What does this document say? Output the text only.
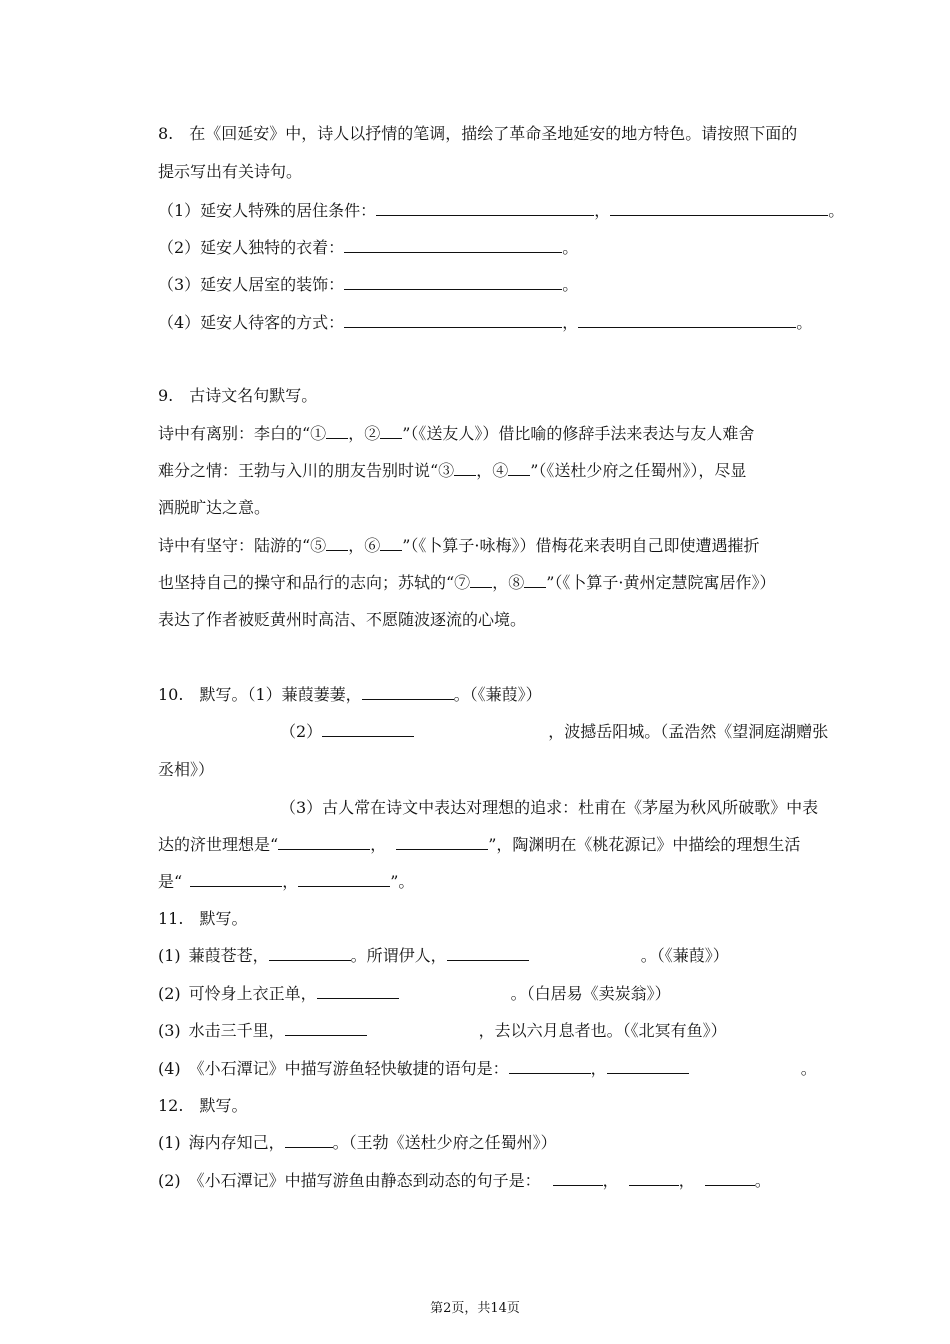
8.　在《回延安》中，诗人以抒情的笔调，描绘了革命圣地延安的地方特色。请按照下面的
提示写出有关诗句。
（1）延安人特殊的居住条件：	，	。
（2）延安人独特的衣着：	。
（3）延安人居室的装饰：	。
（4）延安人待客的方式：	，	。
9.　古诗文名句默写。
诗中有离别：李白的“① ，② ”（《送友人》）借比喻的修辞手法来表达与友人难舍
难分之情：王勃与入川的朋友告别时说“③ ，④ ”（《送杜少府之任蜀州》），尽显
洒脱旷达之意。
诗中有坚守：陆游的“⑤ ，⑥ ”（《卜算子·咏梅》）借梅花来表明自己即使遭遇摧折
也坚持自己的操守和品行的志向；苏轼的“⑦ ，⑧ ”（《卜算子·黄州定慧院寓居作》）
表达了作者被贬黄州时高洁、不愿随波逐流的心境。
10.　默写。（1）蒹葭萋萋，	。（《蒹葭》）
（2）	，波撼岳阳城。（孟浩然《望洞庭湖赠张
丞相》）
（3）古人常在诗文中表达对理想的追求：杜甫在《茅屋为秋风所破歌》中表
达的济世理想是“	，	”，陶渊明在《桃花源记》中描绘的理想生活
是“	，	”。
11.　默写。
(1) 蒹葭苍苍，	。所谓伊人，	。（《蒹葭》）
(2) 可怜身上衣正单，	。（白居易《卖炭翁》）
(3) 水击三千里，	，去以六月息者也。（《北冥有鱼》）
(4) 《小石潭记》中描写游鱼轻快敏捷的语句是：	，	。
12.　默写。
(1) 海内存知己，	。（王勃《送杜少府之任蜀州》）
(2) 《小石潭记》中描写游鱼由静态到动态的句子是：	，	，	。
第2页，共14页
